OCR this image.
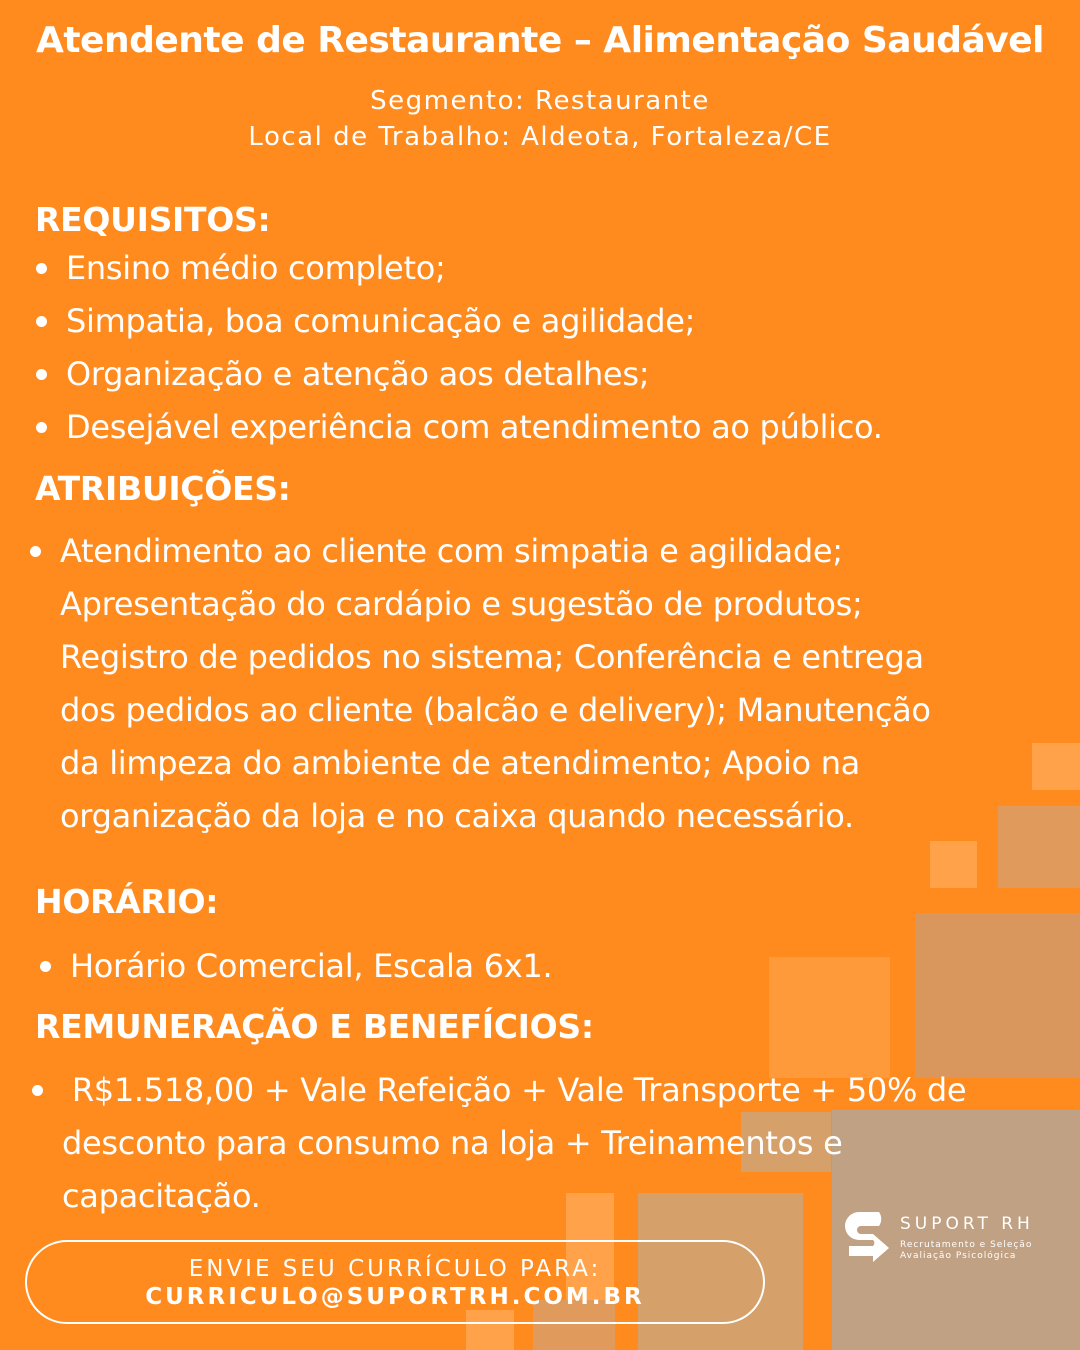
Atendente de Restaurante – Alimentação Saudável
Segmento: Restaurante
Local de Trabalho: Aldeota, Fortaleza/CE
REQUISITOS:
Ensino médio completo;
Simpatia, boa comunicação e agilidade;
Organização e atenção aos detalhes;
Desejável experiência com atendimento ao público.
ATRIBUIÇÕES:
Atendimento ao cliente com simpatia e agilidade;
Apresentação do cardápio e sugestão de produtos;
Registro de pedidos no sistema; Conferência e entrega
dos pedidos ao cliente (balcão e delivery); Manutenção
da limpeza do ambiente de atendimento; Apoio na
organização da loja e no caixa quando necessário.
HORÁRIO:
Horário Comercial, Escala 6x1.
REMUNERAÇÃO E BENEFÍCIOS:
R$1.518,00 + Vale Refeição + Vale Transporte + 50% de
desconto para consumo na loja + Treinamentos e
capacitação.
ENVIE SEU CURRÍCULO PARA:
CURRICULO@SUPORTRH.COM.BR
SUPORT RH
Recrutamento e Seleção
Avaliação Psicológica
